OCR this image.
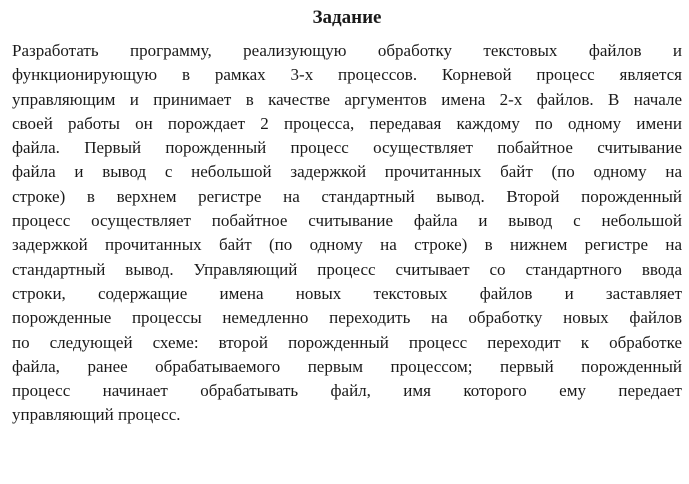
Задание
Разработать программу, реализующую обработку текстовых файлов и
функционирующую в рамках 3-х процессов. Корневой процесс является
управляющим и принимает в качестве аргументов имена 2-х файлов. В начале
своей работы он порождает 2 процесса, передавая каждому по одному имени
файла. Первый порожденный процесс осуществляет побайтное считывание
файла и вывод с небольшой задержкой прочитанных байт (по одному на
строке) в верхнем регистре на стандартный вывод. Второй порожденный
процесс осуществляет побайтное считывание файла и вывод с небольшой
задержкой прочитанных байт (по одному на строке) в нижнем регистре на
стандартный вывод. Управляющий процесс считывает со стандартного ввода
строки, содержащие имена новых текстовых файлов и заставляет
порожденные процессы немедленно переходить на обработку новых файлов
по следующей схеме: второй порожденный процесс переходит к обработке
файла, ранее обрабатываемого первым процессом; первый порожденный
процесс начинает обрабатывать файл, имя которого ему передает
управляющий процесс.
